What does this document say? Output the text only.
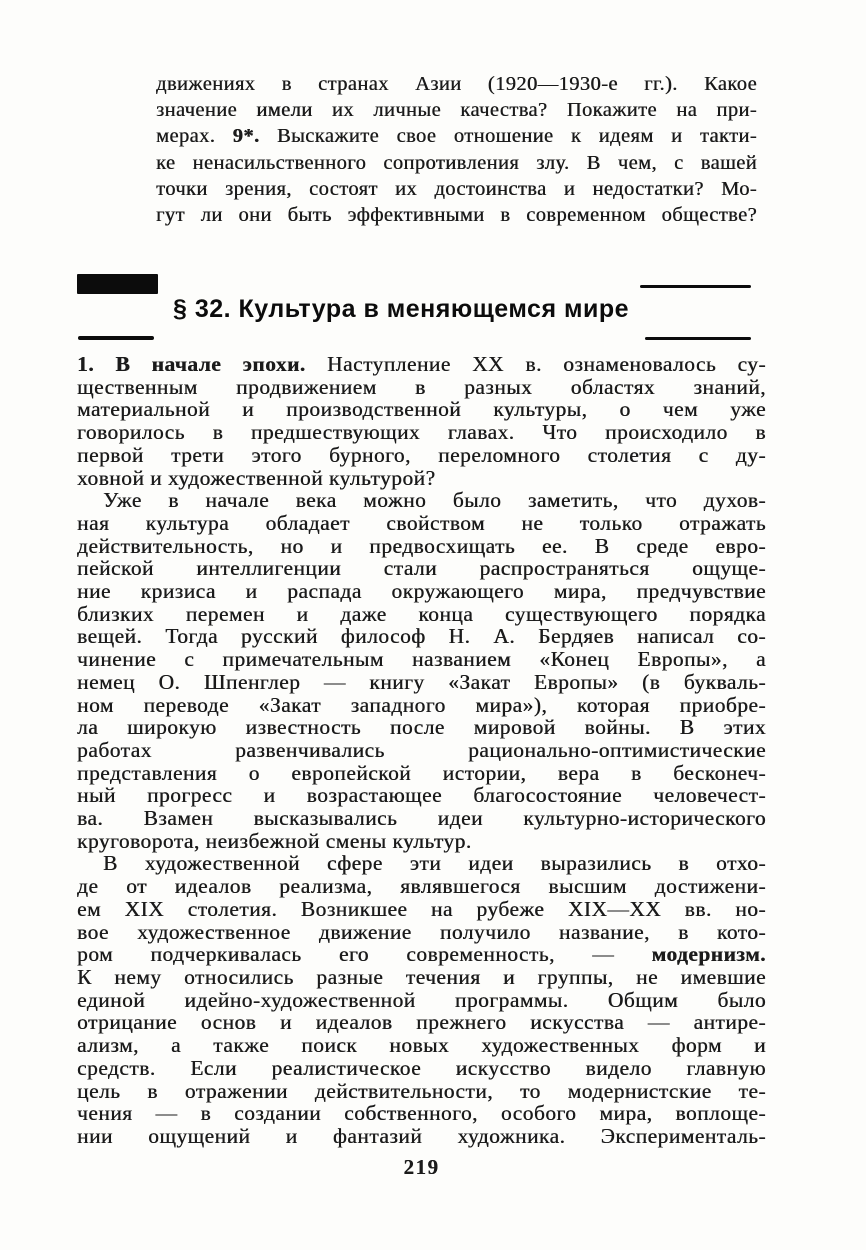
движениях в странах Азии (1920—1930-е гг.). Какое
значение имели их личные качества? Покажите на при-
мерах. 9*. Выскажите свое отношение к идеям и такти-
ке ненасильственного сопротивления злу. В чем, с вашей
точки зрения, состоят их достоинства и недостатки? Мо-
гут ли они быть эффективными в современном обществе?
§ 32. Культура в меняющемся мире
1. В начале эпохи. Наступление XX в. ознаменовалось су-
щественным продвижением в разных областях знаний,
материальной и производственной культуры, о чем уже
говорилось в предшествующих главах. Что происходило в
первой трети этого бурного, переломного столетия с ду-
ховной и художественной культурой?
Уже в начале века можно было заметить, что духов-
ная культура обладает свойством не только отражать
действительность, но и предвосхищать ее. В среде евро-
пейской интеллигенции стали распространяться ощуще-
ние кризиса и распада окружающего мира, предчувствие
близких перемен и даже конца существующего порядка
вещей. Тогда русский философ Н. А. Бердяев написал со-
чинение с примечательным названием «Конец Европы», а
немец О. Шпенглер — книгу «Закат Европы» (в букваль-
ном переводе «Закат западного мира»), которая приобре-
ла широкую известность после мировой войны. В этих
работах развенчивались рационально-оптимистические
представления о европейской истории, вера в бесконеч-
ный прогресс и возрастающее благосостояние человечест-
ва. Взамен высказывались идеи культурно-исторического
круговорота, неизбежной смены культур.
В художественной сфере эти идеи выразились в отхо-
де от идеалов реализма, являвшегося высшим достижени-
ем XIX столетия. Возникшее на рубеже XIX—XX вв. но-
вое художественное движение получило название, в кото-
ром подчеркивалась его современность, — модернизм.
К нему относились разные течения и группы, не имевшие
единой идейно-художественной программы. Общим было
отрицание основ и идеалов прежнего искусства — антире-
ализм, а также поиск новых художественных форм и
средств. Если реалистическое искусство видело главную
цель в отражении действительности, то модернистские те-
чения — в создании собственного, особого мира, воплоще-
нии ощущений и фантазий художника. Эксперименталь-
219
